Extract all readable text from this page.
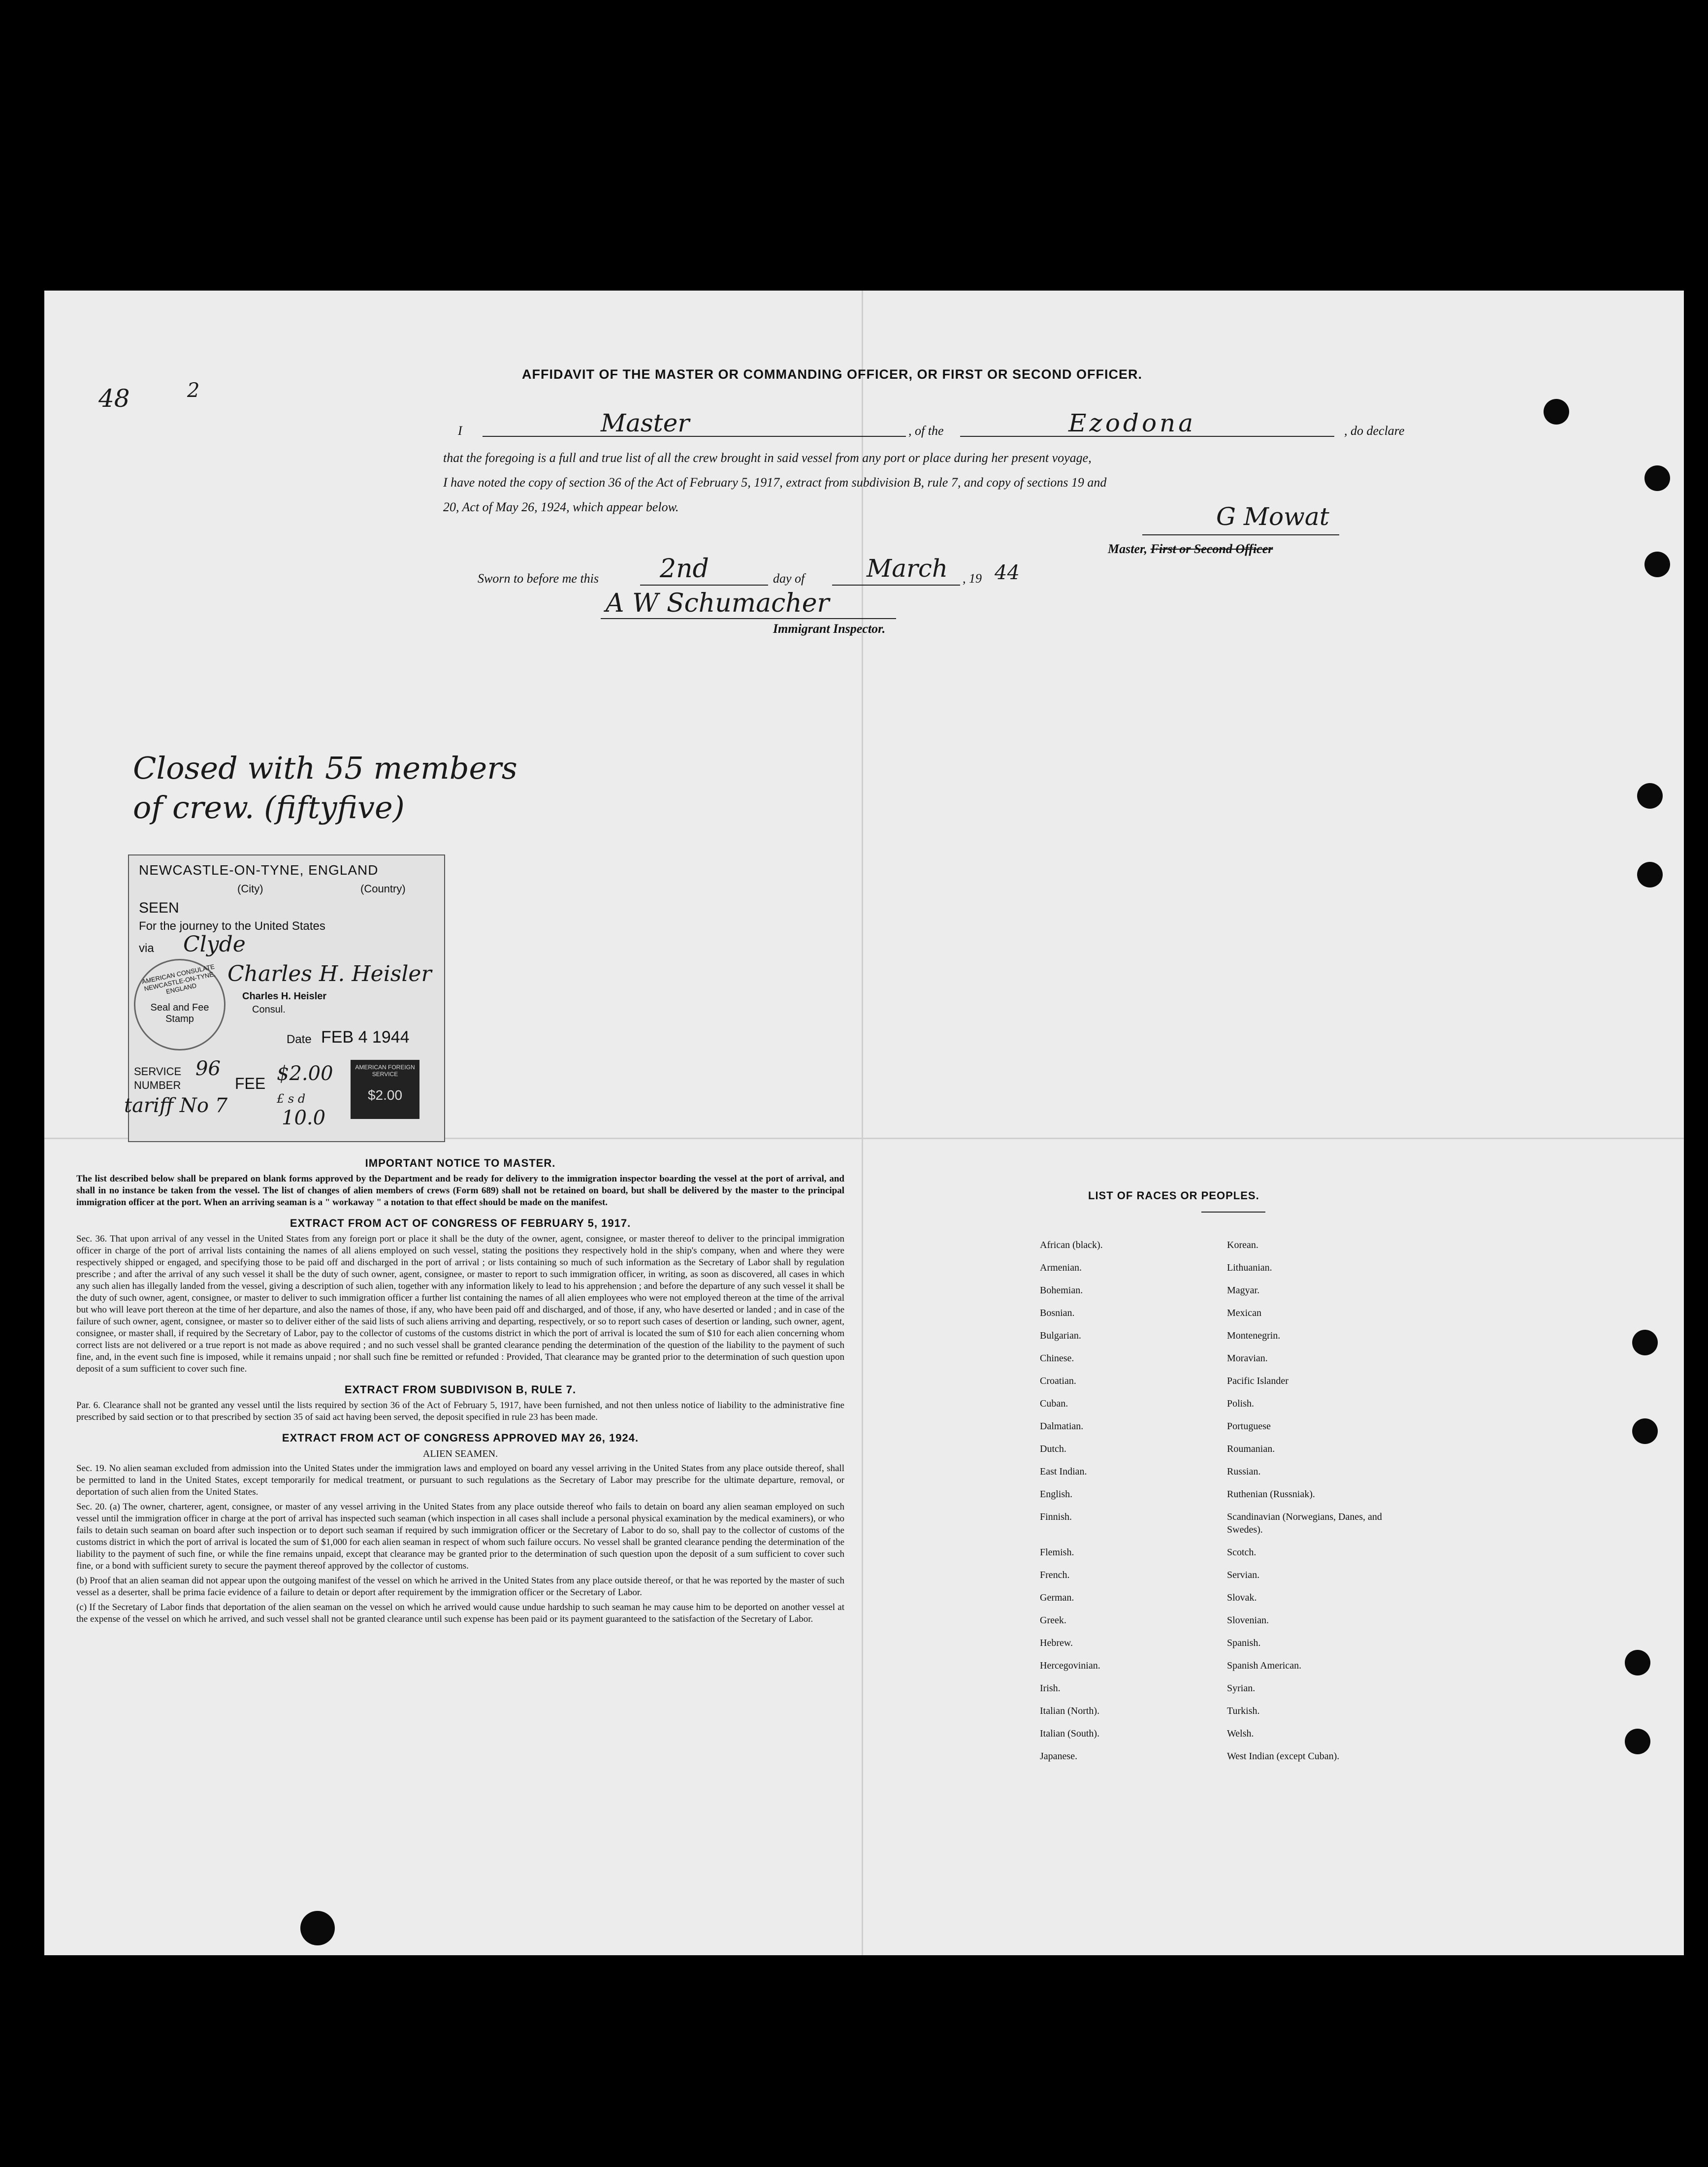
48	2
AFFIDAVIT OF THE MASTER OR COMMANDING OFFICER, OR FIRST OR SECOND OFFICER.
I	Master	, of the	Ezodona	, do declare
that the foregoing is a full and true list of all the crew brought in said vessel from any port or place during her present voyage,
I have noted the copy of section 36 of the Act of February 5, 1917, extract from subdivision B, rule 7, and copy of sections 19 and
20, Act of May 26, 1924, which appear below.	G Mowat
Master, First or Second Officer
Sworn to before me this 2nd	day of	March , 19 44
A W Schumacher
Immigrant Inspector.
Closed with 55 members
of crew. (fiftyfive)
NEWCASTLE-ON-TYNE, ENGLAND
(City)	(Country)
SEEN
For the journey to the United States
via Clyde
Charles H. Heisler
Charles H. Heisler
Consul.
AMERICAN CONSULATE NEWCASTLE-ON-TYNE, ENGLAND
Seal and Fee Stamp
Date FEB 4 1944
SERVICE NUMBER
96
FEE $2.00
£ s d
tariff No 7
10.0
AMERICAN FOREIGN SERVICE
$2.00
IMPORTANT NOTICE TO MASTER.

The list described below shall be prepared on blank forms approved by the Department and be ready for delivery to the immigration inspector boarding the vessel at the port of arrival, and shall in no instance be taken from the vessel. The list of changes of alien members of crews (Form 689) shall not be retained on board, but shall be delivered by the master to the principal immigration officer at the port. When an arriving seaman is a " workaway " a notation to that effect should be made on the manifest.

EXTRACT FROM ACT OF CONGRESS OF FEBRUARY 5, 1917.

Sec. 36. That upon arrival of any vessel in the United States from any foreign port or place it shall be the duty of the owner, agent, consignee, or master thereof to deliver to the principal immigration officer in charge of the port of arrival lists containing the names of all aliens employed on such vessel, stating the positions they respectively hold in the ship's company, when and where they were respectively shipped or engaged, and specifying those to be paid off and discharged in the port of arrival ; or lists containing so much of such information as the Secretary of Labor shall by regulation prescribe ; and after the arrival of any such vessel it shall be the duty of such owner, agent, consignee, or master to report to such immigration officer, in writing, as soon as discovered, all cases in which any such alien has illegally landed from the vessel, giving a description of such alien, together with any information likely to lead to his apprehension ; and before the departure of any such vessel it shall be the duty of such owner, agent, consignee, or master to deliver to such immigration officer a further list containing the names of all alien employees who were not employed thereon at the time of the arrival but who will leave port thereon at the time of her departure, and also the names of those, if any, who have been paid off and discharged, and of those, if any, who have deserted or landed ; and in case of the failure of such owner, agent, consignee, or master so to deliver either of the said lists of such aliens arriving and departing, respectively, or so to report such cases of desertion or landing, such owner, agent, consignee, or master shall, if required by the Secretary of Labor, pay to the collector of customs of the customs district in which the port of arrival is located the sum of $10 for each alien concerning whom correct lists are not delivered or a true report is not made as above required ; and no such vessel shall be granted clearance pending the determination of the question of the liability to the payment of such fine, and, in the event such fine is imposed, while it remains unpaid ; nor shall such fine be remitted or refunded : Provided, That clearance may be granted prior to the determination of such question upon deposit of a sum sufficient to cover such fine.

EXTRACT FROM SUBDIVISON B, RULE 7.

Par. 6. Clearance shall not be granted any vessel until the lists required by section 36 of the Act of February 5, 1917, have been furnished, and not then unless notice of liability to the administrative fine prescribed by said section or to that prescribed by section 35 of said act having been served, the deposit specified in rule 23 has been made.

EXTRACT FROM ACT OF CONGRESS APPROVED MAY 26, 1924.
ALIEN SEAMEN.

Sec. 19. No alien seaman excluded from admission into the United States under the immigration laws and employed on board any vessel arriving in the United States from any place outside thereof, shall be permitted to land in the United States, except temporarily for medical treatment, or pursuant to such regulations as the Secretary of Labor may prescribe for the ultimate departure, removal, or deportation of such alien from the United States.

Sec. 20. (a) The owner, charterer, agent, consignee, or master of any vessel arriving in the United States from any place outside thereof who fails to detain on board any alien seaman employed on such vessel until the immigration officer in charge at the port of arrival has inspected such seaman (which inspection in all cases shall include a personal physical examination by the medical examiners), or who fails to detain such seaman on board after such inspection or to deport such seaman if required by such immigration officer or the Secretary of Labor to do so, shall pay to the collector of customs of the customs district in which the port of arrival is located the sum of $1,000 for each alien seaman in respect of whom such failure occurs. No vessel shall be granted clearance pending the determination of the liability to the payment of such fine, or while the fine remains unpaid, except that clearance may be granted prior to the determination of such question upon the deposit of a sum sufficient to cover such fine, or a bond with sufficient surety to secure the payment thereof approved by the collector of customs.

(b) Proof that an alien seaman did not appear upon the outgoing manifest of the vessel on which he arrived in the United States from any place outside thereof, or that he was reported by the master of such vessel as a deserter, shall be prima facie evidence of a failure to detain or deport after requirement by the immigration officer or the Secretary of Labor.

(c) If the Secretary of Labor finds that deportation of the alien seaman on the vessel on which he arrived would cause undue hardship to such seaman he may cause him to be deported on another vessel at the expense of the vessel on which he arrived, and such vessel shall not be granted clearance until such expense has been paid or its payment guaranteed to the satisfaction of the Secretary of Labor.

LIST OF RACES OR PEOPLES.
African (black).	Korean.
Armenian.	Lithuanian.
Bohemian.	Magyar.
Bosnian.	Mexican
Bulgarian.	Montenegrin.
Chinese.	Moravian.
Croatian.	Pacific Islander
Cuban.	Polish.
Dalmatian.	Portuguese
Dutch.	Roumanian.
East Indian.	Russian.
English.	Ruthenian (Russniak).
Finnish.	Scandinavian (Norwegians, Danes, and Swedes).
Flemish.	Scotch.
French.	Servian.
German.	Slovak.
Greek.	Slovenian.
Hebrew.	Spanish.
Hercegovinian.	Spanish American.
Irish.	Syrian.
Italian (North).	Turkish.
Italian (South).	Welsh.
Japanese.	West Indian (except Cuban).
